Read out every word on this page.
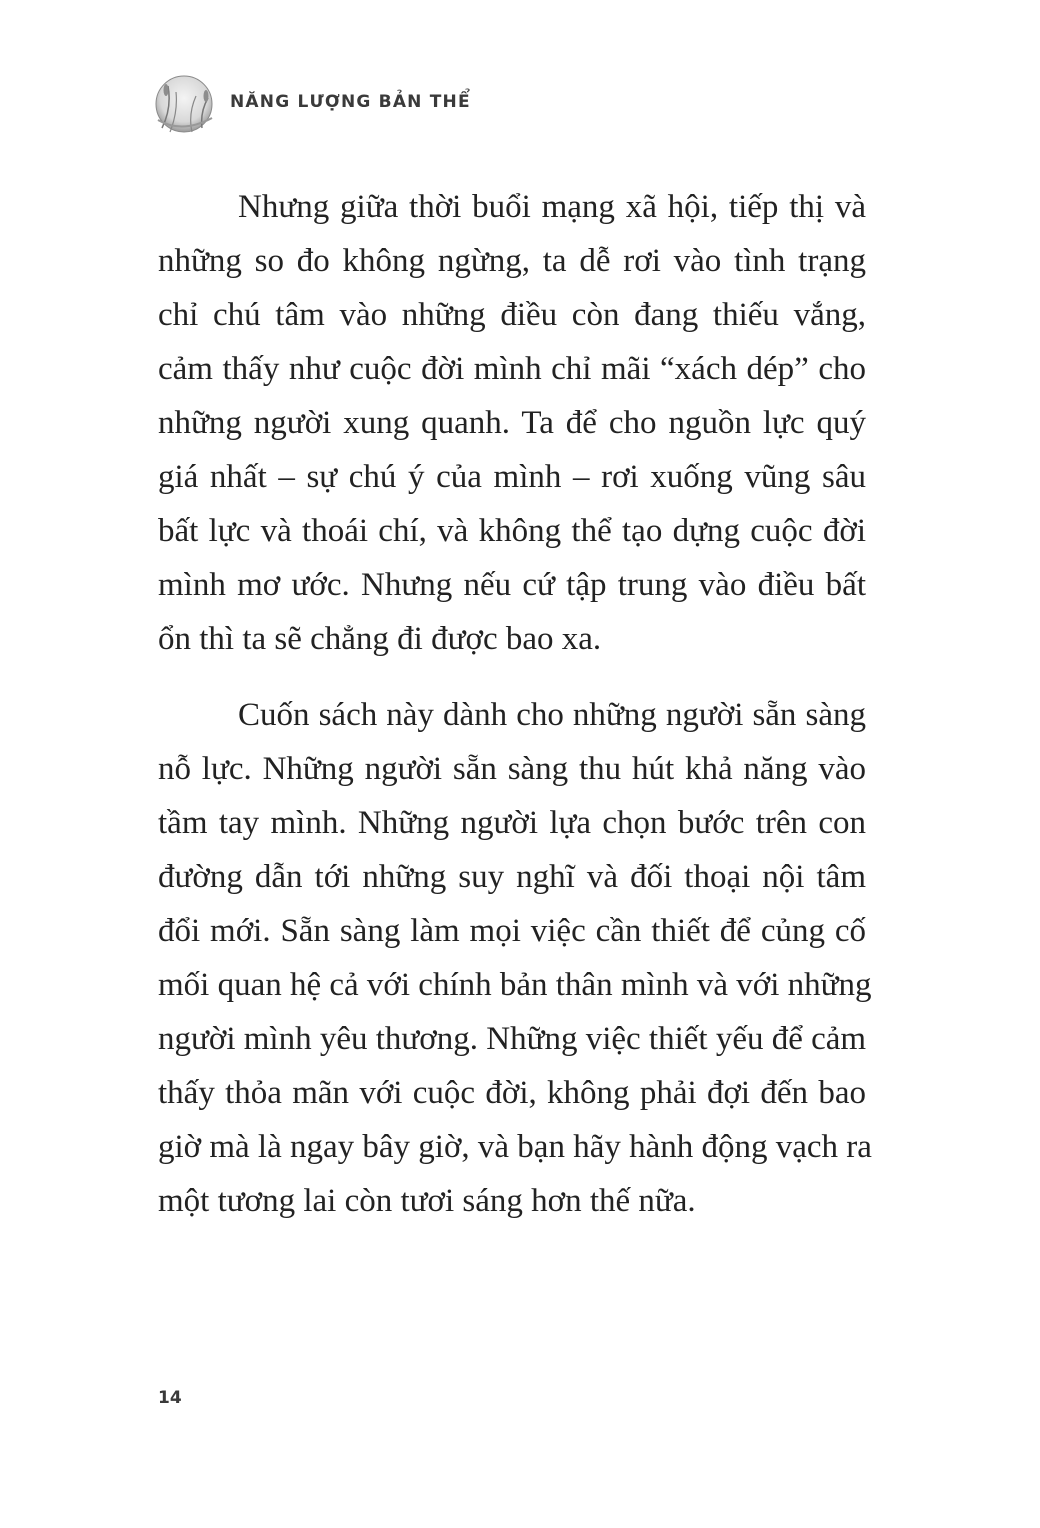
NĂNG LƯỢNG BẢN THỂ
Nhưng giữa thời buổi mạng xã hội, tiếp thị và
những so đo không ngừng, ta dễ rơi vào tình trạng
chỉ chú tâm vào những điều còn đang thiếu vắng,
cảm thấy như cuộc đời mình chỉ mãi “xách dép” cho
những người xung quanh. Ta để cho nguồn lực quý
giá nhất – sự chú ý của mình – rơi xuống vũng sâu
bất lực và thoái chí, và không thể tạo dựng cuộc đời
mình mơ ước. Nhưng nếu cứ tập trung vào điều bất
ổn thì ta sẽ chẳng đi được bao xa.
Cuốn sách này dành cho những người sẵn sàng
nỗ lực. Những người sẵn sàng thu hút khả năng vào
tầm tay mình. Những người lựa chọn bước trên con
đường dẫn tới những suy nghĩ và đối thoại nội tâm
đổi mới. Sẵn sàng làm mọi việc cần thiết để củng cố
mối quan hệ cả với chính bản thân mình và với những
người mình yêu thương. Những việc thiết yếu để cảm
thấy thỏa mãn với cuộc đời, không phải đợi đến bao
giờ mà là ngay bây giờ, và bạn hãy hành động vạch ra
một tương lai còn tươi sáng hơn thế nữa.
14
